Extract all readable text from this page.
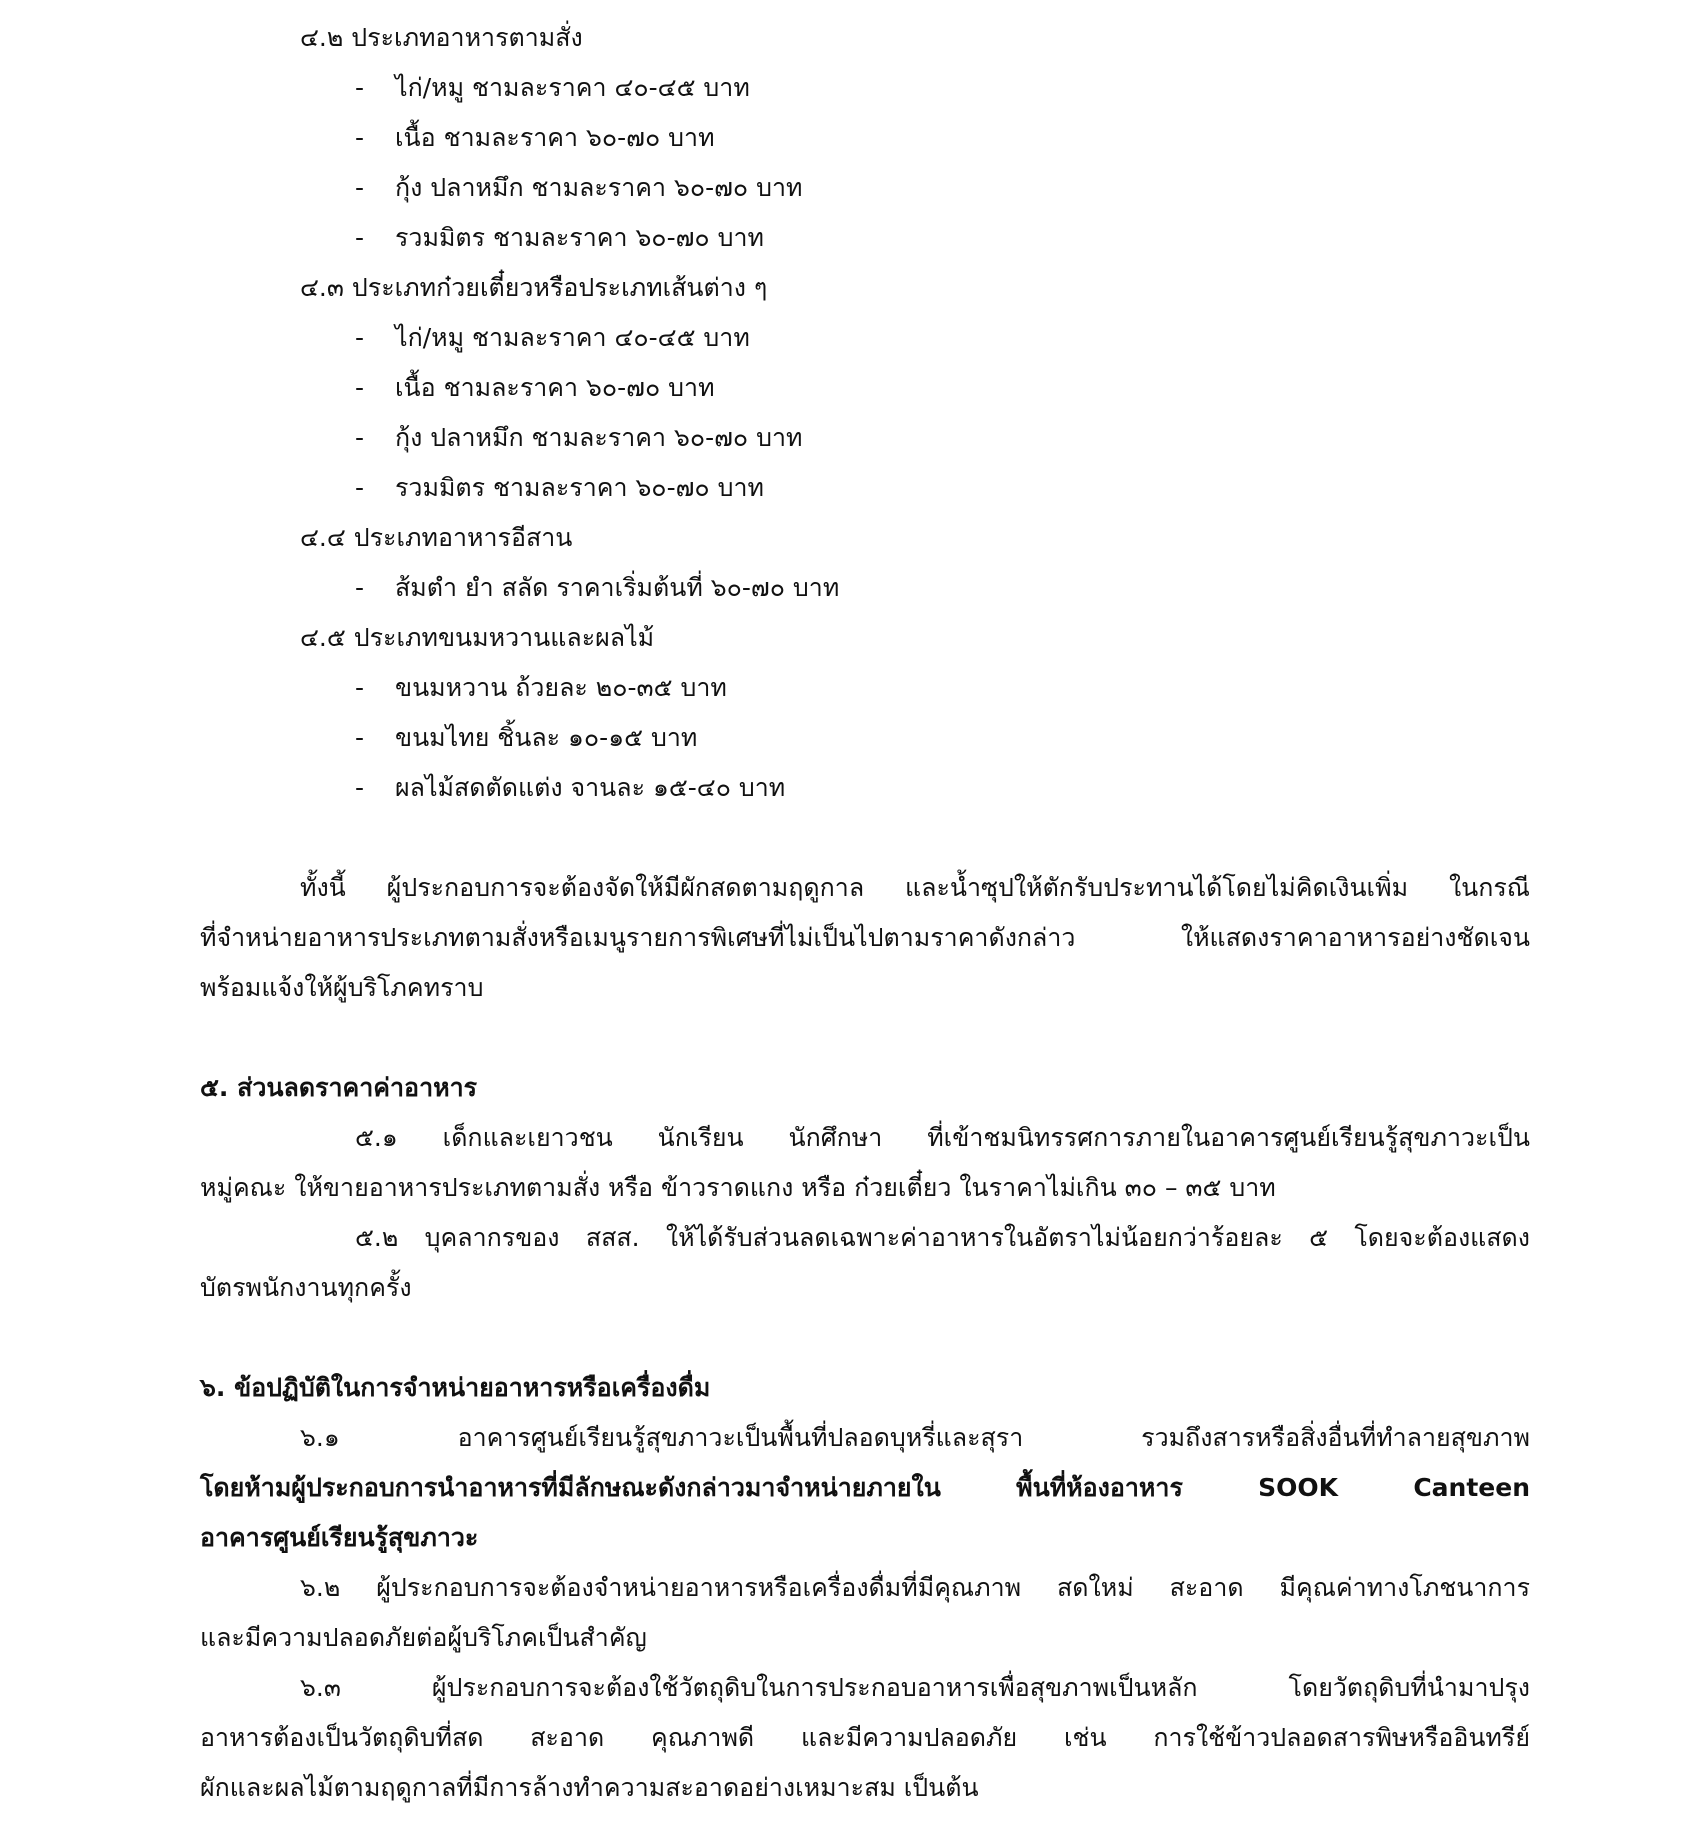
๔.๒ ประเภทอาหารตามสั่ง
- ไก่/หมู ชามละราคา ๔๐-๔๕ บาท
- เนื้อ ชามละราคา ๖๐-๗๐ บาท
- กุ้ง ปลาหมึก ชามละราคา ๖๐-๗๐ บาท
- รวมมิตร ชามละราคา ๖๐-๗๐ บาท
๔.๓ ประเภทก๋วยเตี๋ยวหรือประเภทเส้นต่าง ๆ
- ไก่/หมู ชามละราคา ๔๐-๔๕ บาท
- เนื้อ ชามละราคา ๖๐-๗๐ บาท
- กุ้ง ปลาหมึก ชามละราคา ๖๐-๗๐ บาท
- รวมมิตร ชามละราคา ๖๐-๗๐ บาท
๔.๔ ประเภทอาหารอีสาน
- ส้มตำ ยำ สลัด ราคาเริ่มต้นที่ ๖๐-๗๐ บาท
๔.๕ ประเภทขนมหวานและผลไม้
- ขนมหวาน ถ้วยละ ๒๐-๓๕ บาท
- ขนมไทย ชิ้นละ ๑๐-๑๕ บาท
- ผลไม้สดตัดแต่ง จานละ ๑๕-๔๐ บาท
ทั้งนี้ ผู้ประกอบการจะต้องจัดให้มีผักสดตามฤดูกาล และน้ำซุปให้ตักรับประทานได้โดยไม่คิดเงินเพิ่ม ในกรณี
ที่จำหน่ายอาหารประเภทตามสั่งหรือเมนูรายการพิเศษที่ไม่เป็นไปตามราคาดังกล่าว ให้แสดงราคาอาหารอย่างชัดเจน
พร้อมแจ้งให้ผู้บริโภคทราบ
๕. ส่วนลดราคาค่าอาหาร
๕.๑ เด็กและเยาวชน นักเรียน นักศึกษา ที่เข้าชมนิทรรศการภายในอาคารศูนย์เรียนรู้สุขภาวะเป็น
หมู่คณะ ให้ขายอาหารประเภทตามสั่ง หรือ ข้าวราดแกง หรือ ก๋วยเตี๋ยว ในราคาไม่เกิน ๓๐ – ๓๕ บาท
๕.๒ บุคลากรของ สสส. ให้ได้รับส่วนลดเฉพาะค่าอาหารในอัตราไม่น้อยกว่าร้อยละ ๕ โดยจะต้องแสดง
บัตรพนักงานทุกครั้ง
๖. ข้อปฏิบัติในการจำหน่ายอาหารหรือเครื่องดื่ม
๖.๑ อาคารศูนย์เรียนรู้สุขภาวะเป็นพื้นที่ปลอดบุหรี่และสุรา รวมถึงสารหรือสิ่งอื่นที่ทำลายสุขภาพ
โดยห้ามผู้ประกอบการนำอาหารที่มีลักษณะดังกล่าวมาจำหน่ายภายใน พื้นที่ห้องอาหาร SOOK Canteen
อาคารศูนย์เรียนรู้สุขภาวะ
๖.๒ ผู้ประกอบการจะต้องจำหน่ายอาหารหรือเครื่องดื่มที่มีคุณภาพ สดใหม่ สะอาด มีคุณค่าทางโภชนาการ
และมีความปลอดภัยต่อผู้บริโภคเป็นสำคัญ
๖.๓ ผู้ประกอบการจะต้องใช้วัตถุดิบในการประกอบอาหารเพื่อสุขภาพเป็นหลัก โดยวัตถุดิบที่นำมาปรุง
อาหารต้องเป็นวัตถุดิบที่สด สะอาด คุณภาพดี และมีความปลอดภัย เช่น การใช้ข้าวปลอดสารพิษหรืออินทรีย์
ผักและผลไม้ตามฤดูกาลที่มีการล้างทำความสะอาดอย่างเหมาะสม เป็นต้น
